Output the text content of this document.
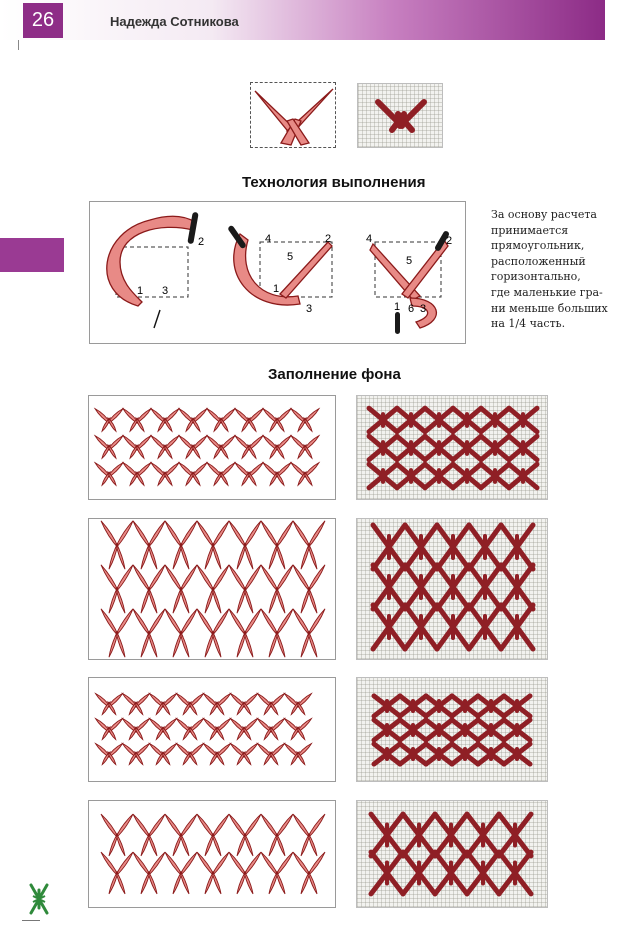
26	Надежда Сотникова
Технология выполнения
2
1 3
4	2
5
1
3
4	2
5
1 6 3
За основу расчета
принимается
прямоугольник,
расположенный
горизонтально,
где маленькие гра-
ни меньше больших
на 1/4 часть.
Заполнение фона
